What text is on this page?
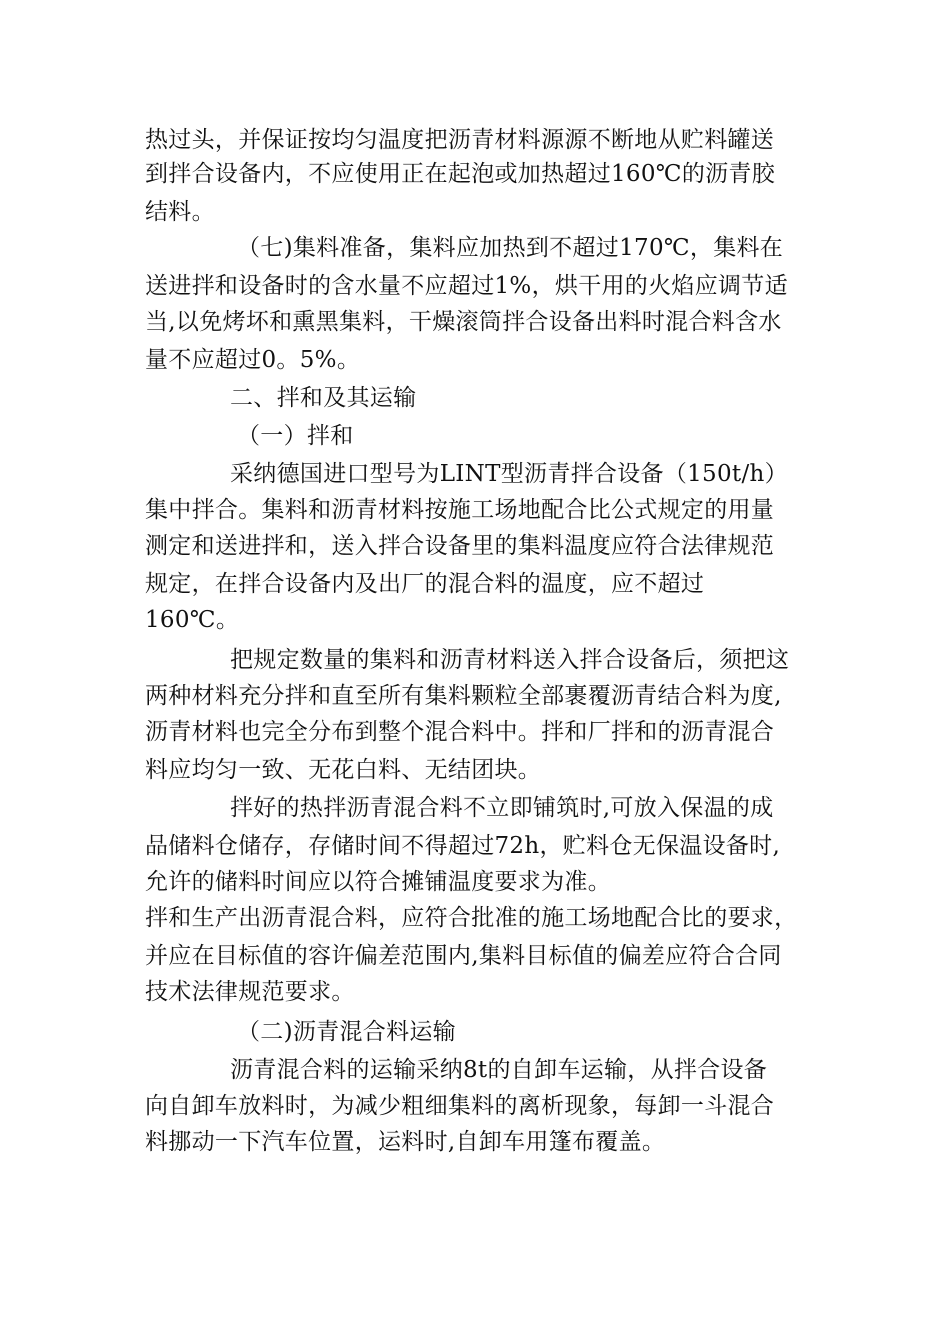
热过头，并保证按均匀温度把沥青材料源源不断地从贮料罐送
到拌合设备内，不应使用正在起泡或加热超过160℃的沥青胶
结料。
（七)集料准备，集料应加热到不超过170℃，集料在
送进拌和设备时的含水量不应超过1%，烘干用的火焰应调节适
当,以免烤坏和熏黑集料，干燥滚筒拌合设备出料时混合料含水
量不应超过0。5%。
二、拌和及其运输
（一）拌和
采纳德国进口型号为LINT型沥青拌合设备（150t/h）
集中拌合。集料和沥青材料按施工场地配合比公式规定的用量
测定和送进拌和，送入拌合设备里的集料温度应符合法律规范
规定，在拌合设备内及出厂的混合料的温度，应不超过
160℃。
把规定数量的集料和沥青材料送入拌合设备后，须把这
两种材料充分拌和直至所有集料颗粒全部裹覆沥青结合料为度,
沥青材料也完全分布到整个混合料中。拌和厂拌和的沥青混合
料应均匀一致、无花白料、无结团块。
拌好的热拌沥青混合料不立即铺筑时,可放入保温的成
品储料仓储存，存储时间不得超过72h，贮料仓无保温设备时,
允许的储料时间应以符合摊铺温度要求为准。
拌和生产出沥青混合料，应符合批准的施工场地配合比的要求，
并应在目标值的容许偏差范围内,集料目标值的偏差应符合合同
技术法律规范要求。
（二)沥青混合料运输
沥青混合料的运输采纳8t的自卸车运输，从拌合设备
向自卸车放料时，为减少粗细集料的离析现象，每卸一斗混合
料挪动一下汽车位置，运料时,自卸车用篷布覆盖。
